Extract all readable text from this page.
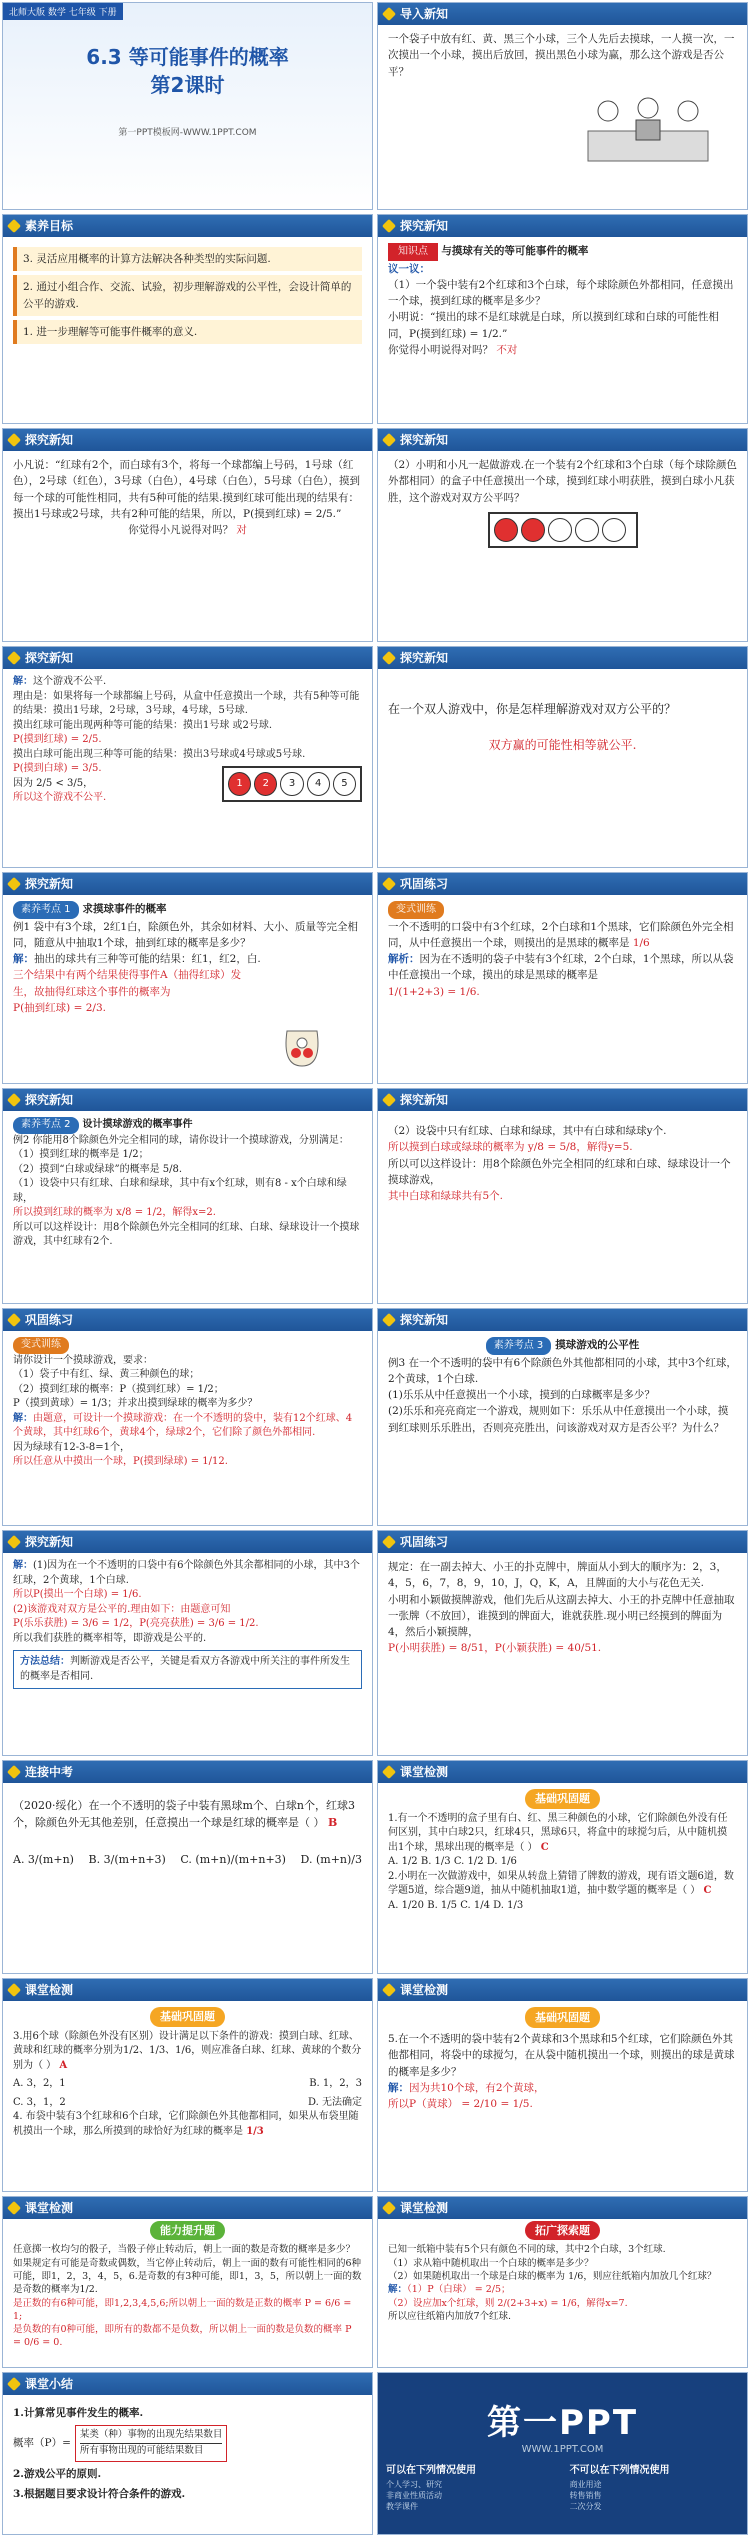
北师大版 数学 七年级 下册
6.3 等可能事件的概率
第2课时
第一PPT模板网-WWW.1PPT.COM
导入新知

一个袋子中放有红、黄、黑三个小球，三个人先后去摸球，一人摸一次，一次摸出一个小球，摸出后放回，摸出黑色小球为赢，那么这个游戏是否公平？

素养目标
3. 灵活应用概率的计算方法解决各种类型的实际问题.
2. 通过小组合作、交流、试验，初步理解游戏的公平性，会设计简单的公平的游戏.
1. 进一步理解等可能事件概率的意义.
探究新知
知识点 与摸球有关的等可能事件的概率
议一议：

（1）一个袋中装有2个红球和3个白球，每个球除颜色外都相同，任意摸出一个球，摸到红球的概率是多少？

小明说：“摸出的球不是红球就是白球，所以摸到红球和白球的可能性相同，P(摸到红球) = 1/2.”

你觉得小明说得对吗？ 不对

探究新知

小凡说：“红球有2个，而白球有3个，将每一个球都编上号码，1号球（红色），2号球（红色），3号球（白色），4号球（白色），5号球（白色），摸到每一个球的可能性相同，共有5种可能的结果.摸到红球可能出现的结果有：摸出1号球或2号球，共有2种可能的结果，所以，P(摸到红球) = 2/5.”

你觉得小凡说得对吗？ 对

探究新知

（2）小明和小凡一起做游戏.在一个装有2个红球和3个白球（每个球除颜色外都相同）的盒子中任意摸出一个球，摸到红球小明获胜，摸到白球小凡获胜，这个游戏对双方公平吗？

探究新知

解：这个游戏不公平.

理由是：如果将每一个球都编上号码，从盒中任意摸出一个球，共有5种等可能的结果：摸出1号球，2号球，3号球，4号球，5号球.

摸出红球可能出现两种等可能的结果：摸出1号球 或2号球.

P(摸到红球) = 2/5.

摸出白球可能出现三种等可能的结果：摸出3号球或4号球或5号球.

P(摸到白球) = 3/5.

因为 2/5 < 3/5，

所以这个游戏不公平.

1	2	3	4	5
探究新知

在一个双人游戏中，你是怎样理解游戏对双方公平的？

双方赢的可能性相等就公平.

探究新知
素养考点 1 求摸球事件的概率

例1 袋中有3个球，2红1白，除颜色外，其余如材料、大小、质量等完全相同，随意从中抽取1个球，抽到红球的概率是多少？

解：抽出的球共有三种等可能的结果：红1，红2，白.

三个结果中有两个结果使得事件A（抽得红球）发生，故抽得红球这个事件的概率为

P(抽到红球) = 2/3.

巩固练习
变式训练

一个不透明的口袋中有3个红球，2个白球和1个黑球，它们除颜色外完全相同，从中任意摸出一个球，则摸出的是黑球的概率是 1/6

解析：因为在不透明的袋子中装有3个红球，2个白球，1个黑球，所以从袋中任意摸出一个球，摸出的球是黑球的概率是

1/(1+2+3) = 1/6.

探究新知
素养考点 2 设计摸球游戏的概率事件

例2 你能用8个除颜色外完全相同的球，请你设计一个摸球游戏，分别满足：

（1）摸到红球的概率是 1/2；

（2）摸到“白球或绿球”的概率是 5/8.

（1）设袋中只有红球、白球和绿球，其中有x个红球，则有8 - x个白球和绿球，

所以摸到红球的概率为 x/8 = 1/2，解得x=2.

所以可以这样设计：用8个除颜色外完全相同的红球、白球、绿球设计一个摸球游戏，其中红球有2个.

探究新知

（2）设袋中只有红球、白球和绿球，其中有白球和绿球y个.

所以摸到白球或绿球的概率为 y/8 = 5/8，解得y=5.

所以可以这样设计：用8个除颜色外完全相同的红球和白球、绿球设计一个摸球游戏，

其中白球和绿球共有5个.

巩固练习
变式训练

请你设计一个摸球游戏，要求：

（1）袋子中有红、绿、黄三种颜色的球；

（2）摸到红球的概率：P（摸到红球）= 1/2；

P（摸到黄球）= 1/3；并求出摸到绿球的概率为多少？

解：由题意，可设计一个摸球游戏：在一个不透明的袋中，装有12个红球、4个黄球，其中红球6个，黄球4个，绿球2个，它们除了颜色外都相同.

因为绿球有12-3-8=1个，

所以任意从中摸出一个球，P(摸到绿球) = 1/12.

探究新知
素养考点 3 摸球游戏的公平性

例3 在一个不透明的袋中有6个除颜色外其他都相同的小球，其中3个红球，2个黄球，1个白球.

(1)乐乐从中任意摸出一个小球，摸到的白球概率是多少？

(2)乐乐和亮亮商定一个游戏，规则如下：乐乐从中任意摸出一个小球，摸到红球则乐乐胜出，否则亮亮胜出，问该游戏对双方是否公平？为什么？

探究新知

解：(1)因为在一个不透明的口袋中有6个除颜色外其余都相同的小球，其中3个红球，2个黄球，1个白球.

所以P(摸出一个白球) = 1/6.

(2)该游戏对双方是公平的.理由如下：由题意可知

P(乐乐获胜) = 3/6 = 1/2，P(亮亮获胜) = 3/6 = 1/2.

所以我们获胜的概率相等，即游戏是公平的.

方法总结：判断游戏是否公平，关键是看双方各游戏中所关注的事件所发生的概率是否相同.
巩固练习

规定：在一副去掉大、小王的扑克牌中，牌面从小到大的顺序为：2，3，4，5，6，7，8，9，10，J，Q，K，A，且牌面的大小与花色无关.

小明和小颖做摸牌游戏，他们先后从这副去掉大、小王的扑克牌中任意抽取一张牌（不放回），谁摸到的牌面大，谁就获胜.现小明已经摸到的牌面为4，然后小颖摸牌，

P(小明获胜) = 8/51，P(小颖获胜) = 40/51.

连接中考

（2020·绥化）在一个不透明的袋子中装有黑球m个、白球n个，红球3个，除颜色外无其他差别，任意摸出一个球是红球的概率是（ ） B

A. 3/(m+n) B. 3/(m+n+3) C. (m+n)/(m+n+3) D. (m+n)/3
课堂检测
基础巩固题

1.有一个不透明的盒子里有白、红、黑三种颜色的小球，它们除颜色外没有任何区别，其中白球2只，红球4只，黑球6只，将盒中的球搅匀后，从中随机摸出1个球，黑球出现的概率是（ ） C

A. 1/2 B. 1/3 C. 1/2 D. 1/6

2.小明在一次做游戏中，如果从转盘上猜错了牌数的游戏，现有语文题6道，数学题5道，综合题9道，抽从中随机抽取1道，抽中数学题的概率是（ ） C

A. 1/20 B. 1/5 C. 1/4 D. 1/3

课堂检测
基础巩固题

3.用6个球（除颜色外没有区别）设计满足以下条件的游戏：摸到白球、红球、黄球和红球的概率分别为1/2、1/3、1/6，则应准备白球、红球、黄球的个数分别为（ ） A

A. 3，2，1	B. 1，2，3
C. 3，1，2	D. 无法确定

4. 布袋中装有3个红球和6个白球，它们除颜色外其他都相同，如果从布袋里随机摸出一个球，那么所摸到的球恰好为红球的概率是 1/3

课堂检测
基础巩固题

5.在一个不透明的袋中装有2个黄球和3个黑球和5个红球，它们除颜色外其他都相同，将袋中的球搅匀，在从袋中随机摸出一个球，则摸出的球是黄球的概率是多少？

解：因为共10个球，有2个黄球，

所以P（黄球） = 2/10 = 1/5.

课堂检测
能力提升题

任意掷一枚均匀的骰子，当骰子停止转动后，朝上一面的数是奇数的概率是多少？如果规定有可能是奇数或偶数，当它停止转动后，朝上一面的数有可能性相同的6种可能，即1，2，3，4，5，6.是奇数的有3种可能，即1，3，5，所以朝上一面的数是奇数的概率为1/2.

是正数的有6种可能，即1,2,3,4,5,6;所以朝上一面的数是正数的概率 P = 6/6 = 1;

是负数的有0种可能，即所有的数都不是负数，所以朝上一面的数是负数的概率 P = 0/6 = 0.

课堂检测
拓广探索题

已知一纸箱中装有5个只有颜色不同的球，其中2个白球，3个红球.

（1）求从箱中随机取出一个白球的概率是多少？

（2）如果随机取出一个球是白球的概率为 1/6，则应往纸箱内加放几个红球？

解：（1）P（白球） = 2/5；

（2）设应加x个红球，则 2/(2+3+x) = 1/6，解得x=7.

所以应往纸箱内加放7个红球.

课堂小结

1.计算常见事件发生的概率.

概率（P）=
某类（种）事物的出现先结果数目
所有事物出现的可能结果数目

2.游戏公平的原则.

3.根据题目要求设计符合条件的游戏.

第一PPT
WWW.1PPT.COM
可以在下列情况使用

个人学习、研究

非商业性质活动

教学课件

不可以在下列情况使用

商业用途

转售销售

二次分发
